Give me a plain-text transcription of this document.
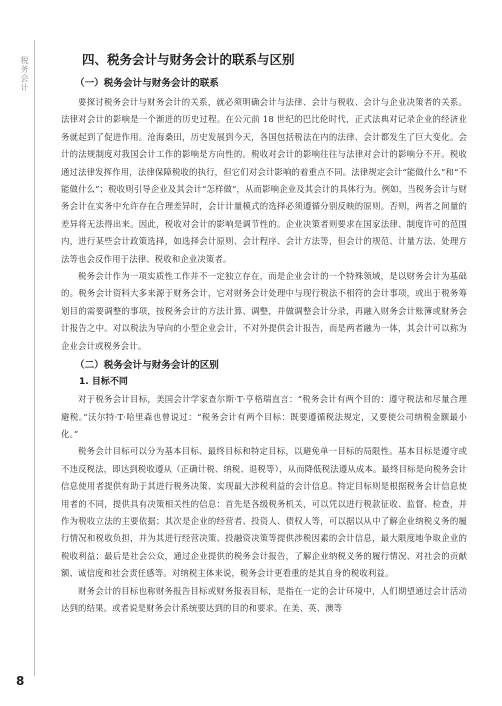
税务会计
8
四、税务会计与财务会计的联系与区别
（一）税务会计与财务会计的联系

要探讨税务会计与财务会计的关系，就必须明确会计与法律、会计与税收、会计与企业决策者的关系。法律对会计的影响是一个渐进的历史过程。在公元前 18 世纪的巴比伦时代，正式法典对记录企业的经济业务就起到了促进作用。沧海桑田，历史发展到今天，各国包括税法在内的法律、会计都发生了巨大变化。会计的法规制度对我国会计工作的影响是方向性的。税收对会计的影响往往与法律对会计的影响分不开。税收通过法律发挥作用，法律保障税收的执行，但它们对会计影响的着重点不同。法律规定会计“能做什么”和“不能做什么”；税收则引导企业及其会计“怎样做”，从而影响企业及其会计的具体行为。例如，当税务会计与财务会计在实务中允许存在合理差异时，会计计量模式的选择必须遵循分别反映的原则。否则，两者之间量的差异将无法得出来。因此，税收对会计的影响是调节性的。企业决策者则要求在国家法律、制度许可的范围内，进行某些会计政策选择，如选择会计原则、会计程序、会计方法等，但会计的规范、计量方法、处理方法等也会反作用于法律、税收和企业决策者。

税务会计作为一项实质性工作并不一定独立存在，而是企业会计的一个特殊领域，是以财务会计为基础的。税务会计资料大多来源于财务会计，它对财务会计处理中与现行税法不相符的会计事项，或出于税务筹划目的需要调整的事项，按税务会计的方法计算、调整，并做调整会计分录，再融入财务会计账簿或财务会计报告之中。对以税法为导向的小型企业会计，不对外提供会计报告，而是两者融为一体，其会计可以称为企业会计或税务会计。

（二）税务会计与财务会计的区别
1. 目标不同

对于税务会计目标，美国会计学家查尔斯·T·亨格瑞直言：“税务会计有两个目的：遵守税法和尽量合理避税。”沃尔特·T·哈里森也曾说过：“税务会计有两个目标：既要遵循税法规定，又要使公司纳税金额最小化。”

税务会计目标可以分为基本目标、最终目标和特定目标，以避免单一目标的局限性。基本目标是遵守或不违反税法，即达到税收遵从（正确计税、纳税、退税等），从而降低税法遵从成本。最终目标是向税务会计信息使用者提供有助于其进行税务决策、实现最大涉税利益的会计信息。特定目标则是根据税务会计信息使用者的不同，提供具有决策相关性的信息：首先是各级税务机关，可以凭以进行税款征收、监督、检查，并作为税收立法的主要依据；其次是企业的经营者、投资人、债权人等，可以据以从中了解企业纳税义务的履行情况和税收负担，并为其进行经营决策、投融资决策等提供涉税因素的会计信息，最大限度地争取企业的税收利益；最后是社会公众，通过企业提供的税务会计报告，了解企业纳税义务的履行情况、对社会的贡献额、诚信度和社会责任感等。对纳税主体来说，税务会计更看重的是其自身的税收利益。

财务会计的目标也称财务报告目标或财务报表目标，是指在一定的会计环境中，人们期望通过会计活动达到的结果。或者说是财务会计系统要达到的目的和要求。在美、英、澳等
